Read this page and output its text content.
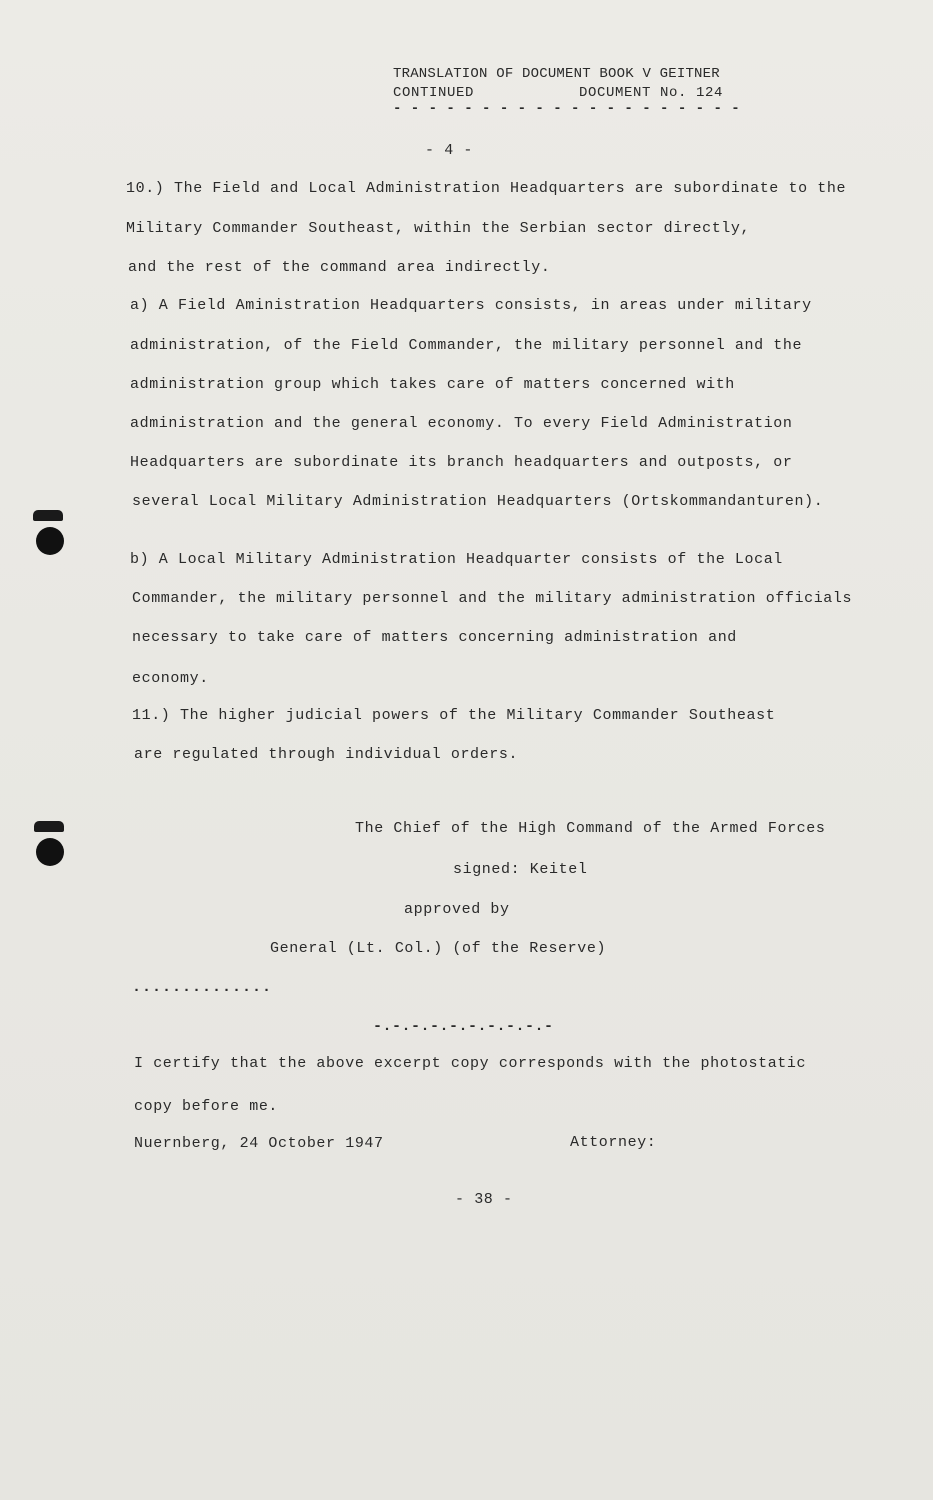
TRANSLATION OF DOCUMENT BOOK V GEITNER
CONTINUED	DOCUMENT No. 124
- - - - - - - - - - - - - - - - - - - -
- 4 -
10.) The Field and Local Administration Headquarters are subordinate to the
Military Commander Southeast, within the Serbian sector directly,
and the rest of the command area indirectly.
a) A Field Aministration Headquarters consists, in areas under military
administration, of the Field Commander, the military personnel and the
administration group which takes care of matters concerned with
administration and the general economy. To every Field Administration
Headquarters are subordinate its branch headquarters and outposts, or
several Local Military Administration Headquarters (Ortskommandanturen).
b) A Local Military Administration Headquarter consists of the Local
Commander, the military personnel and the military administration officials
necessary to take care of matters concerning administration and
economy.
11.) The higher judicial powers of the Military Commander Southeast
are regulated through individual orders.
The Chief of the High Command of the Armed Forces
signed: Keitel
approved by
General (Lt. Col.) (of the Reserve)
..............
-.-.-.-.-.-.-.-.-.-
I certify that the above excerpt copy corresponds with the photostatic
copy before me.
Nuernberg, 24 October 1947	Attorney:
- 38 -
